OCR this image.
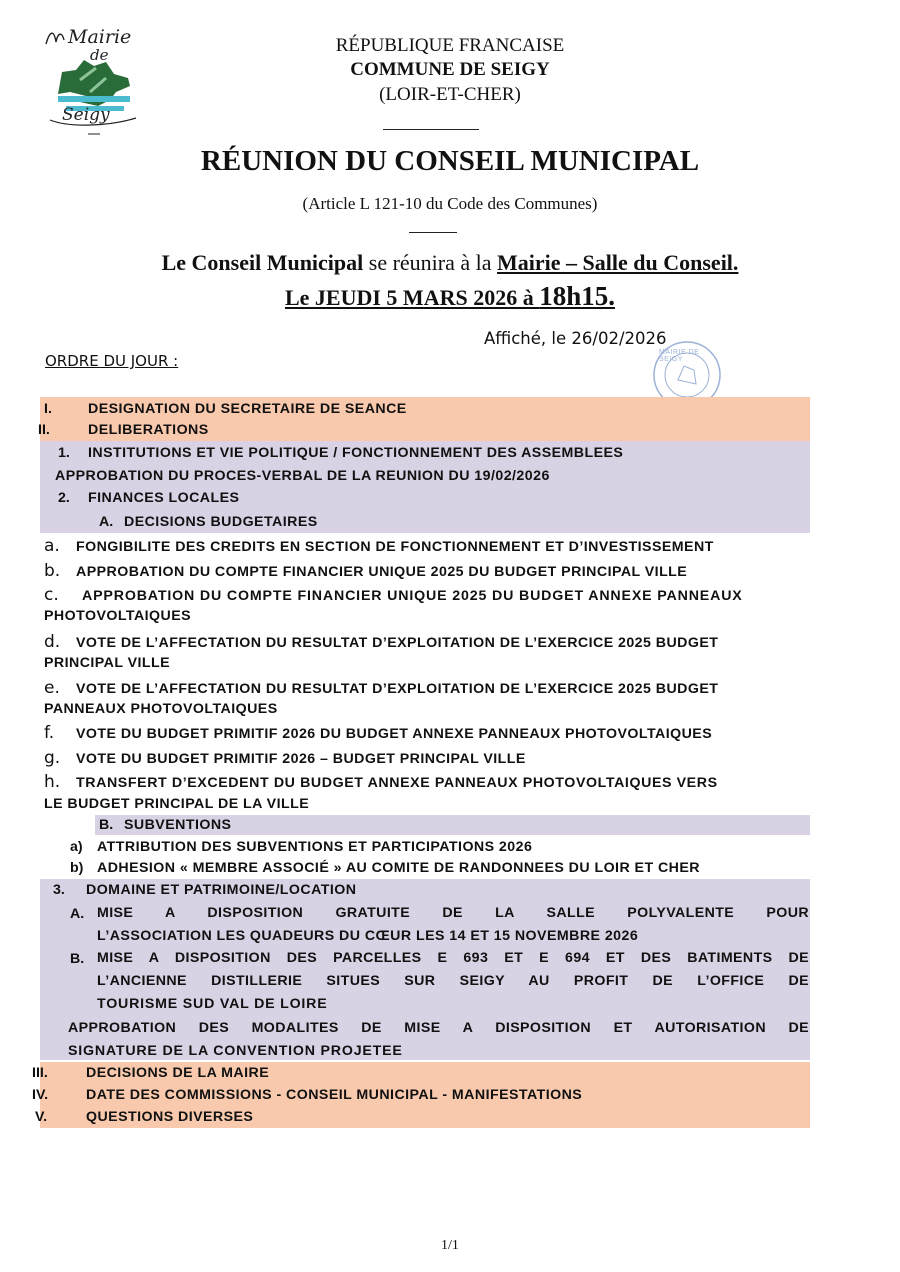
Mairie
de
Seigy
RÉPUBLIQUE FRANCAISE
COMMUNE DE SEIGY
(LOIR-ET-CHER)
RÉUNION DU CONSEIL MUNICIPAL
(Article L 121-10 du Code des Communes)
Le Conseil Municipal se réunira à la Mairie – Salle du Conseil.
Le JEUDI 5 MARS 2026 à 18h15.
Affiché, le 26/02/2026
MAIRIE DE SEIGY
ORDRE DU JOUR :
I.	DESIGNATION DU SECRETAIRE DE SEANCE
II.	DELIBERATIONS
1. INSTITUTIONS ET VIE POLITIQUE / FONCTIONNEMENT DES ASSEMBLEES
APPROBATION DU PROCES-VERBAL DE LA REUNION DU 19/02/2026
2. FINANCES LOCALES
A. DECISIONS BUDGETAIRES
a. FONGIBILITE DES CREDITS EN SECTION DE FONCTIONNEMENT ET D’INVESTISSEMENT
b. APPROBATION DU COMPTE FINANCIER UNIQUE 2025 DU BUDGET PRINCIPAL VILLE
c. APPROBATION DU COMPTE FINANCIER UNIQUE 2025 DU BUDGET ANNEXE PANNEAUX
PHOTOVOLTAIQUES
d. VOTE DE L’AFFECTATION DU RESULTAT D’EXPLOITATION DE L’EXERCICE 2025 BUDGET
PRINCIPAL VILLE
e. VOTE DE L’AFFECTATION DU RESULTAT D’EXPLOITATION DE L’EXERCICE 2025 BUDGET
PANNEAUX PHOTOVOLTAIQUES
f. VOTE DU BUDGET PRIMITIF 2026 DU BUDGET ANNEXE PANNEAUX PHOTOVOLTAIQUES
g. VOTE DU BUDGET PRIMITIF 2026 – BUDGET PRINCIPAL VILLE
h. TRANSFERT D’EXCEDENT DU BUDGET ANNEXE PANNEAUX PHOTOVOLTAIQUES VERS
LE BUDGET PRINCIPAL DE LA VILLE
B. SUBVENTIONS
a) ATTRIBUTION DES SUBVENTIONS ET PARTICIPATIONS 2026
b) ADHESION « MEMBRE ASSOCIÉ » AU COMITE DE RANDONNEES DU LOIR ET CHER
3. DOMAINE ET PATRIMOINE/LOCATION
A. MISE A DISPOSITION GRATUITE DE LA SALLE POLYVALENTE POUR
L’ASSOCIATION LES QUADEURS DU CŒUR LES 14 ET 15 NOVEMBRE 2026
B. MISE A DISPOSITION DES PARCELLES E 693 ET E 694 ET DES BATIMENTS DE
L’ANCIENNE DISTILLERIE SITUES SUR SEIGY AU PROFIT DE L’OFFICE DE
TOURISME SUD VAL DE LOIRE
APPROBATION DES MODALITES DE MISE A DISPOSITION ET AUTORISATION DE
SIGNATURE DE LA CONVENTION PROJETEE
III.	DECISIONS DE LA MAIRE
IV.	DATE DES COMMISSIONS - CONSEIL MUNICIPAL - MANIFESTATIONS
V.	QUESTIONS DIVERSES
1/1
